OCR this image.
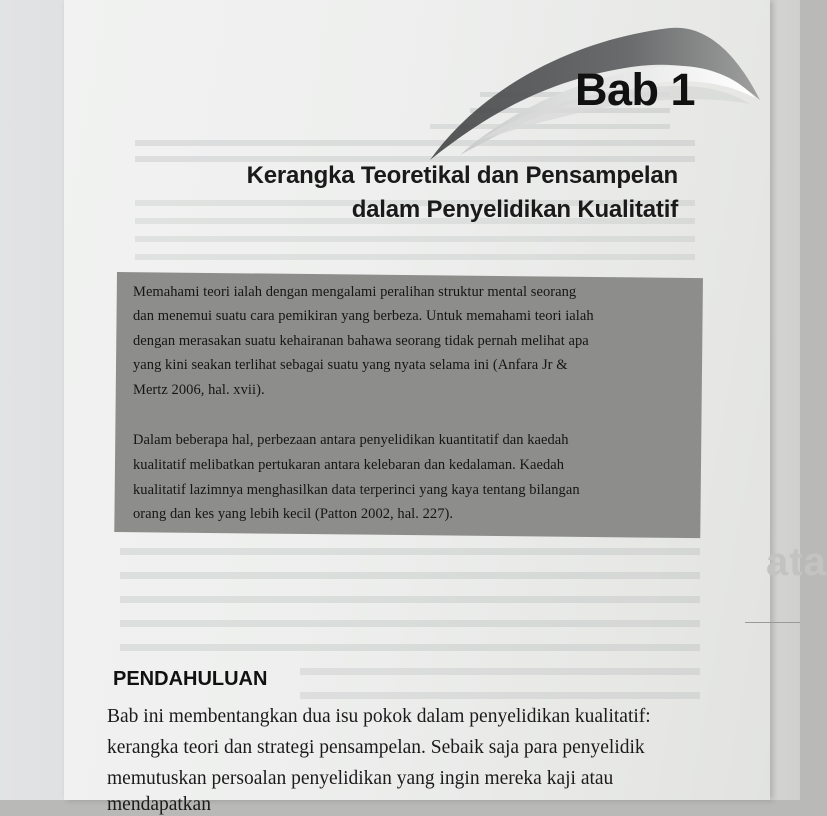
ata
Bab 1
Kerangka Teoretikal dan Pensampelan
dalam Penyelidikan Kualitatif
Memahami teori ialah dengan mengalami peralihan struktur mental seorang
dan menemui suatu cara pemikiran yang berbeza. Untuk memahami teori ialah
dengan merasakan suatu kehairanan bahawa seorang tidak pernah melihat apa
yang kini seakan terlihat sebagai suatu yang nyata selama ini (Anfara Jr &
Mertz 2006, hal. xvii).
Dalam beberapa hal, perbezaan antara penyelidikan kuantitatif dan kaedah
kualitatif melibatkan pertukaran antara kelebaran dan kedalaman. Kaedah
kualitatif lazimnya menghasilkan data terperinci yang kaya tentang bilangan
orang dan kes yang lebih kecil (Patton 2002, hal. 227).
PENDAHULUAN
Bab ini membentangkan dua isu pokok dalam penyelidikan kualitatif:
kerangka teori dan strategi pensampelan. Sebaik saja para penyelidik
memutuskan persoalan penyelidikan yang ingin mereka kaji atau
mendapatkan
